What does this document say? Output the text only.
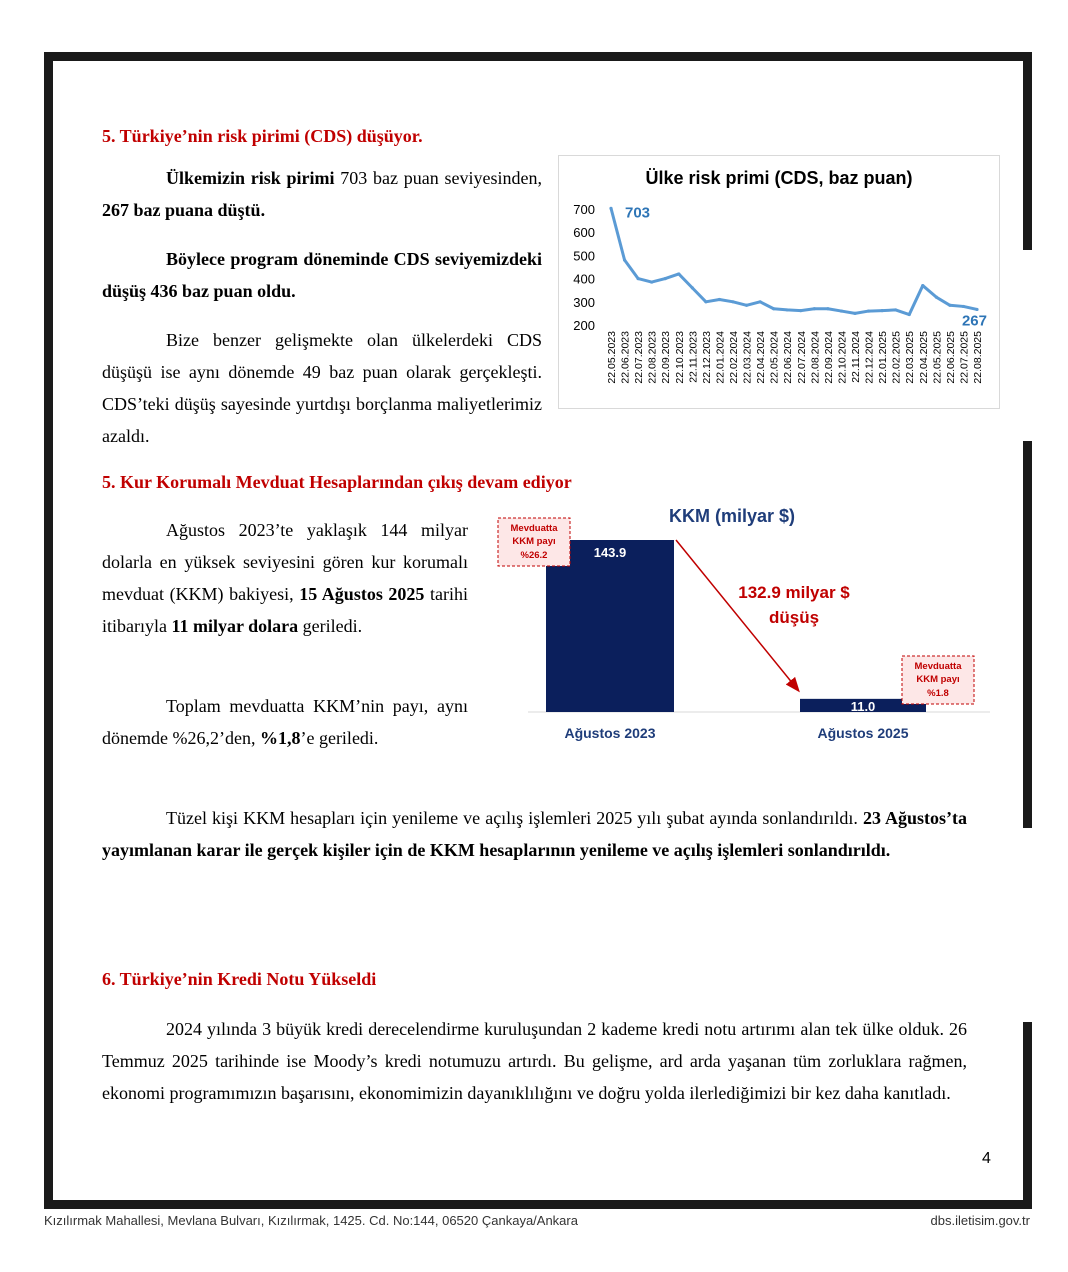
5. Türkiye’nin risk pirimi (CDS) düşüyor.

Ülkemizin risk pirimi 703 baz puan seviyesinden, 267 baz puana düştü.

Böylece program döneminde CDS seviyemizdeki düşüş 436 baz puan oldu.

Bize benzer gelişmekte olan ülkelerdeki CDS düşüşü ise aynı dönemde 49 baz puan olarak gerçekleşti. CDS’teki düşüş sayesinde yurtdışı borçlanma maliyetlerimiz azaldı.

Ülke risk primi (CDS, baz puan)
200
300
400
500
600
700
22.05.2023 22.06.2023 22.07.2023 22.08.2023 22.09.2023 22.10.2023 22.11.2023 22.12.2023 22.01.2024 22.02.2024 22.03.2024 22.04.2024 22.05.2024 22.06.2024 22.07.2024 22.08.2024 22.09.2024 22.10.2024 22.11.2024 22.12.2024 22.01.2025 22.02.2025 22.03.2025 22.04.2025 22.05.2025 22.06.2025 22.07.2025 22.08.2025
703
267
5. Kur Korumalı Mevduat Hesaplarından çıkış devam ediyor

Ağustos 2023’te yaklaşık 144 milyar dolarla en yüksek seviyesini gören kur korumalı mevduat (KKM) bakiyesi, 15 Ağustos 2025 tarihi itibarıyla 11 milyar dolara geriledi.

Toplam mevduatta KKM’nin payı, aynı dönemde %26,2’den, %1,8’e geriledi.

Tüzel kişi KKM hesapları için yenileme ve açılış işlemleri 2025 yılı şubat ayında sonlandırıldı. 23 Ağustos’ta yayımlanan karar ile gerçek kişiler için de KKM hesaplarının yenileme ve açılış işlemleri sonlandırıldı.

KKM (milyar $)
143.9
11.0
Ağustos 2023	Ağustos 2025
132.9 milyar $
düşüş
Mevduatta
KKM payı
%26.2
Mevduatta
KKM payı
%1.8
6. Türkiye’nin Kredi Notu Yükseldi

2024 yılında 3 büyük kredi derecelendirme kuruluşundan 2 kademe kredi notu artırımı alan tek ülke olduk. 26 Temmuz 2025 tarihinde ise Moody’s kredi notumuzu artırdı. Bu gelişme, ard arda yaşanan tüm zorluklara rağmen, ekonomi programımızın başarısını, ekonomimizin dayanıklılığını ve doğru yolda ilerlediğimizi bir kez daha kanıtladı.

4
Kızılırmak Mahallesi, Mevlana Bulvarı, Kızılırmak, 1425. Cd. No:144, 06520 Çankaya/Ankara	dbs.iletisim.gov.tr
